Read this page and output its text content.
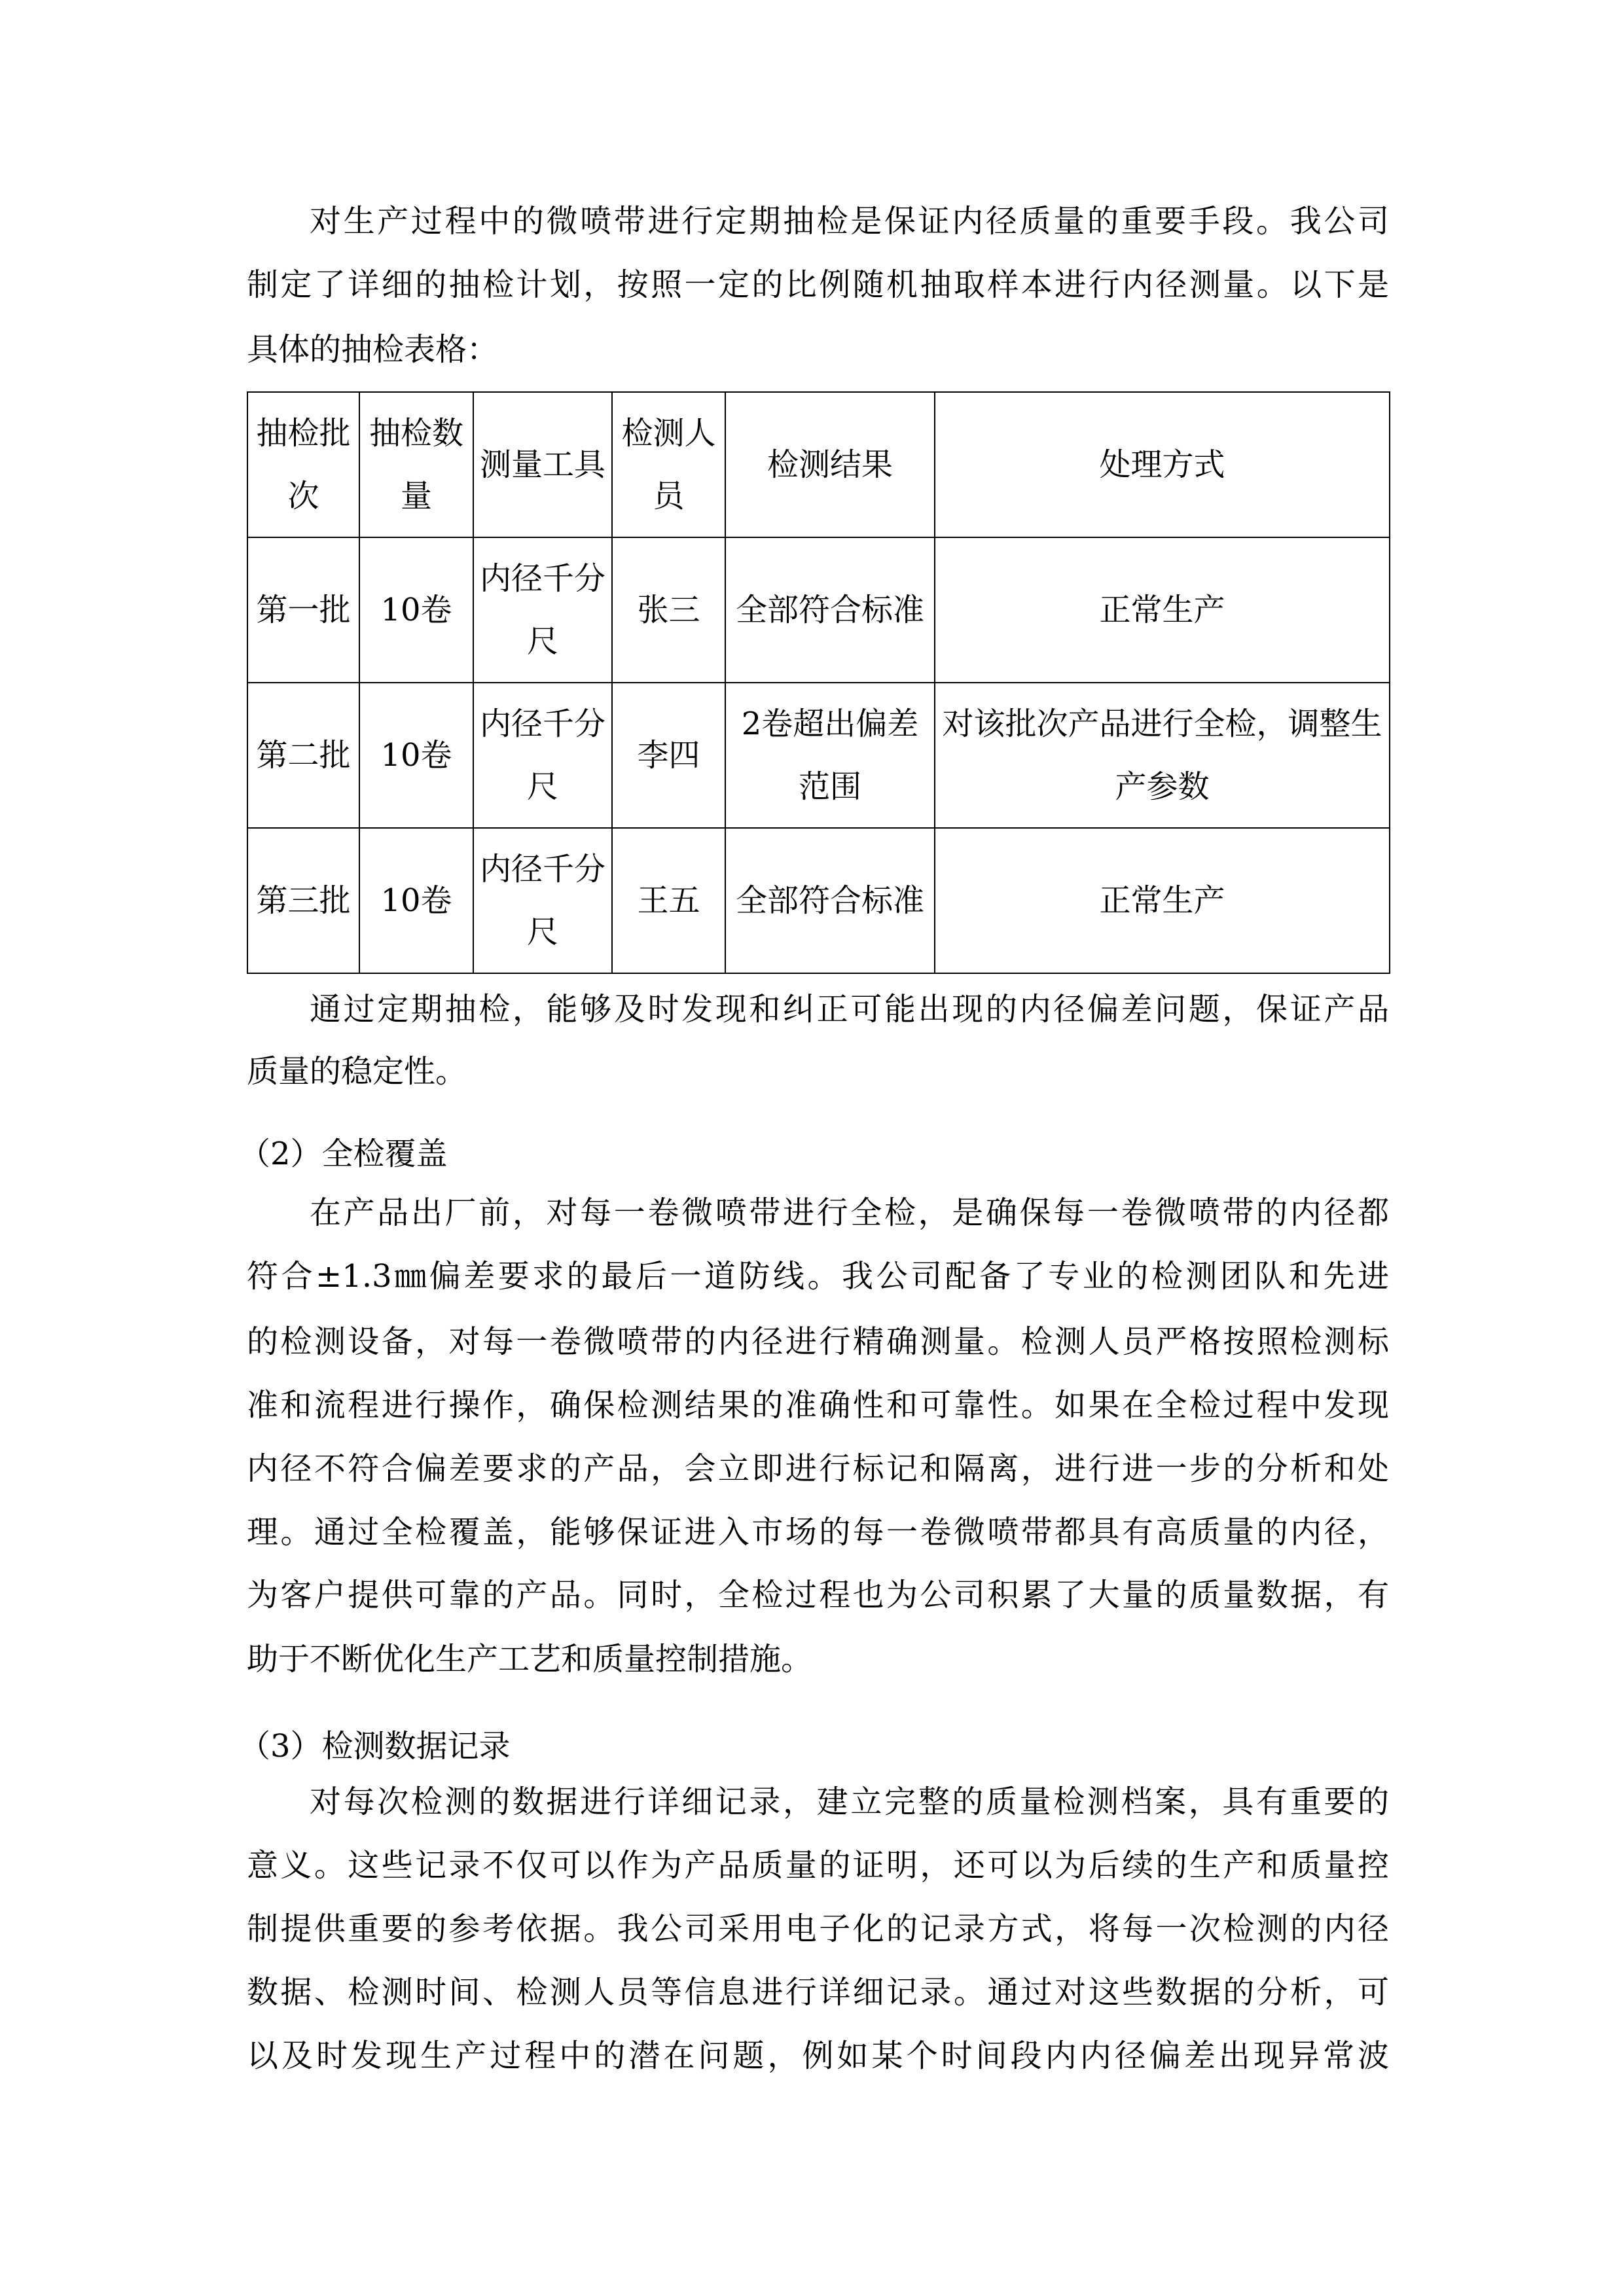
对生产过程中的微喷带进行定期抽检是保证内径质量的重要手段。我公司
制定了详细的抽检计划，按照一定的比例随机抽取样本进行内径测量。以下是
具体的抽检表格：
抽检批次	抽检数量	测量工具	检测人员	检测结果	处理方式
第一批	10卷	内径千分尺	张三	全部符合标准	正常生产
第二批	10卷	内径千分尺	李四	2卷超出偏差范围	对该批次产品进行全检，调整生产参数
第三批	10卷	内径千分尺	王五	全部符合标准	正常生产
通过定期抽检，能够及时发现和纠正可能出现的内径偏差问题，保证产品
质量的稳定性。
（2）全检覆盖
在产品出厂前，对每一卷微喷带进行全检，是确保每一卷微喷带的内径都
符合±1.3㎜偏差要求的最后一道防线。我公司配备了专业的检测团队和先进
的检测设备，对每一卷微喷带的内径进行精确测量。检测人员严格按照检测标
准和流程进行操作，确保检测结果的准确性和可靠性。如果在全检过程中发现
内径不符合偏差要求的产品，会立即进行标记和隔离，进行进一步的分析和处
理。通过全检覆盖，能够保证进入市场的每一卷微喷带都具有高质量的内径，
为客户提供可靠的产品。同时，全检过程也为公司积累了大量的质量数据，有
助于不断优化生产工艺和质量控制措施。
（3）检测数据记录
对每次检测的数据进行详细记录，建立完整的质量检测档案，具有重要的
意义。这些记录不仅可以作为产品质量的证明，还可以为后续的生产和质量控
制提供重要的参考依据。我公司采用电子化的记录方式，将每一次检测的内径
数据、检测时间、检测人员等信息进行详细记录。通过对这些数据的分析，可
以及时发现生产过程中的潜在问题，例如某个时间段内内径偏差出现异常波
